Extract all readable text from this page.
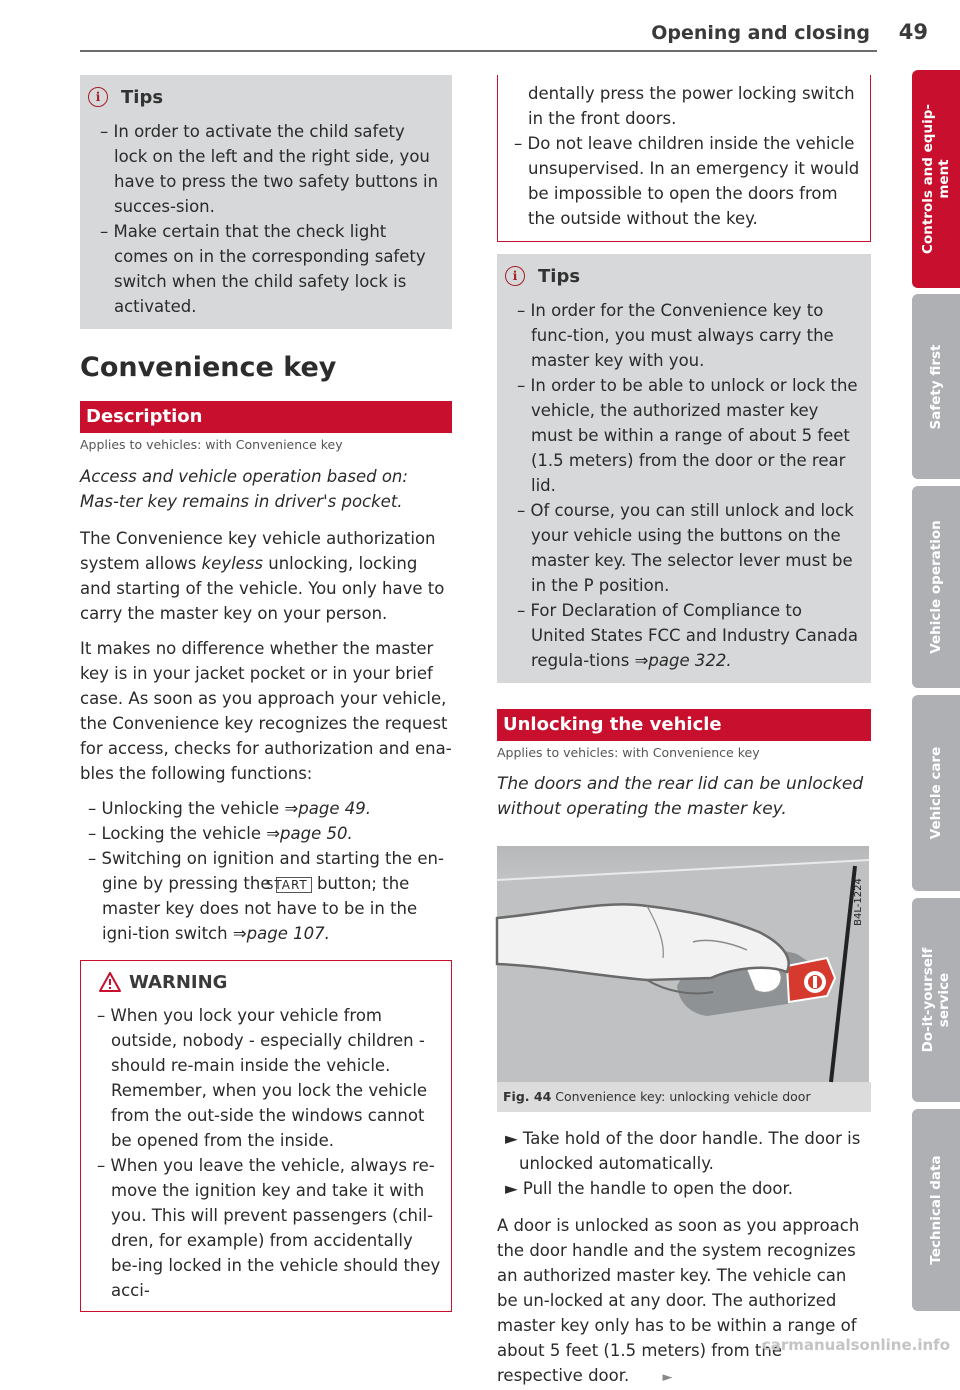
Opening and closing	49
i	Tips

– In order to activate the child safety lock on the left and the right side, you have to press the two safety buttons in succes-sion.

– Make certain that the check light comes on in the corresponding safety switch when the child safety lock is activated.

Convenience key
Description
Applies to vehicles: with Convenience key

Access and vehicle operation based on: Mas-ter key remains in driver's pocket.

The Convenience key vehicle authorization system allows keyless unlocking, locking and starting of the vehicle. You only have to carry the master key on your person.

It makes no difference whether the master key is in your jacket pocket or in your brief case. As soon as you approach your vehicle, the Convenience key recognizes the request for access, checks for authorization and ena-bles the following functions:

– Unlocking the vehicle ⇒page 49.

– Locking the vehicle ⇒page 50.

– Switching on ignition and starting the en-gine by pressing the START button; the master key does not have to be in the igni-tion switch ⇒page 107.

WARNING

– When you lock your vehicle from outside, nobody - especially children - should re-main inside the vehicle. Remember, when you lock the vehicle from the out-side the windows cannot be opened from the inside.

– When you leave the vehicle, always re-move the ignition key and take it with you. This will prevent passengers (chil-dren, for example) from accidentally be-ing locked in the vehicle should they acci-

dentally press the power locking switch in the front doors.

– Do not leave children inside the vehicle unsupervised. In an emergency it would be impossible to open the doors from the outside without the key.

i	Tips

– In order for the Convenience key to func-tion, you must always carry the master key with you.

– In order to be able to unlock or lock the vehicle, the authorized master key must be within a range of about 5 feet (1.5 meters) from the door or the rear lid.

– Of course, you can still unlock and lock your vehicle using the buttons on the master key. The selector lever must be in the P position.

– For Declaration of Compliance to United States FCC and Industry Canada regula-tions ⇒page 322.

Unlocking the vehicle
Applies to vehicles: with Convenience key

The doors and the rear lid can be unlocked without operating the master key.

B4L-1224
Fig. 44 Convenience key: unlocking vehicle door

► Take hold of the door handle. The door is unlocked automatically.

► Pull the handle to open the door.

A door is unlocked as soon as you approach the door handle and the system recognizes an authorized master key. The vehicle can be un-locked at any door. The authorized master key only has to be within a range of about 5 feet (1.5 meters) from the respective door.	►

Controls and equip-
ment
Safety first
Vehicle operation
Vehicle care
Do-it-yourself
service
Technical data
carmanualsonline.info
